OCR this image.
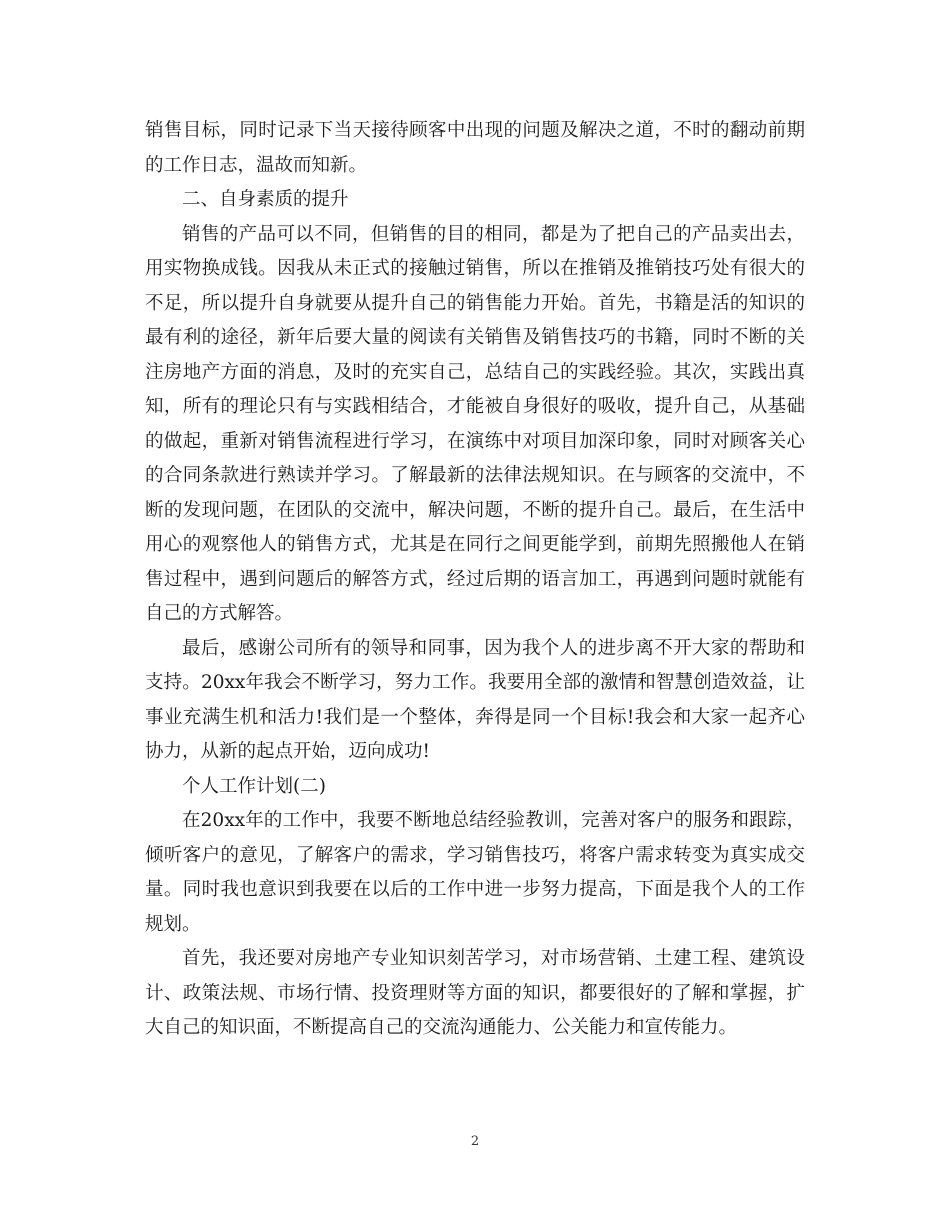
销售目标，同时记录下当天接待顾客中出现的问题及解决之道，不时的翻动前期的工作日志，温故而知新。

二、自身素质的提升

销售的产品可以不同，但销售的目的相同，都是为了把自己的产品卖出去，用实物换成钱。因我从未正式的接触过销售，所以在推销及推销技巧处有很大的不足，所以提升自身就要从提升自己的销售能力开始。首先，书籍是活的知识的最有利的途径，新年后要大量的阅读有关销售及销售技巧的书籍，同时不断的关注房地产方面的消息，及时的充实自己，总结自己的实践经验。其次，实践出真知，所有的理论只有与实践相结合，才能被自身很好的吸收，提升自己，从基础的做起，重新对销售流程进行学习，在演练中对项目加深印象，同时对顾客关心的合同条款进行熟读并学习。了解最新的法律法规知识。在与顾客的交流中，不断的发现问题，在团队的交流中，解决问题，不断的提升自己。最后，在生活中用心的观察他人的销售方式，尤其是在同行之间更能学到，前期先照搬他人在销售过程中，遇到问题后的解答方式，经过后期的语言加工，再遇到问题时就能有自己的方式解答。

最后，感谢公司所有的领导和同事，因为我个人的进步离不开大家的帮助和支持。20xx年我会不断学习，努力工作。我要用全部的激情和智慧创造效益，让事业充满生机和活力!我们是一个整体，奔得是同一个目标!我会和大家一起齐心协力，从新的起点开始，迈向成功!

个人工作计划(二)

在20xx年的工作中，我要不断地总结经验教训，完善对客户的服务和跟踪，倾听客户的意见，了解客户的需求，学习销售技巧，将客户需求转变为真实成交量。同时我也意识到我要在以后的工作中进一步努力提高，下面是我个人的工作规划。

首先，我还要对房地产专业知识刻苦学习，对市场营销、土建工程、建筑设计、政策法规、市场行情、投资理财等方面的知识，都要很好的了解和掌握，扩大自己的知识面，不断提高自己的交流沟通能力、公关能力和宣传能力。

2
